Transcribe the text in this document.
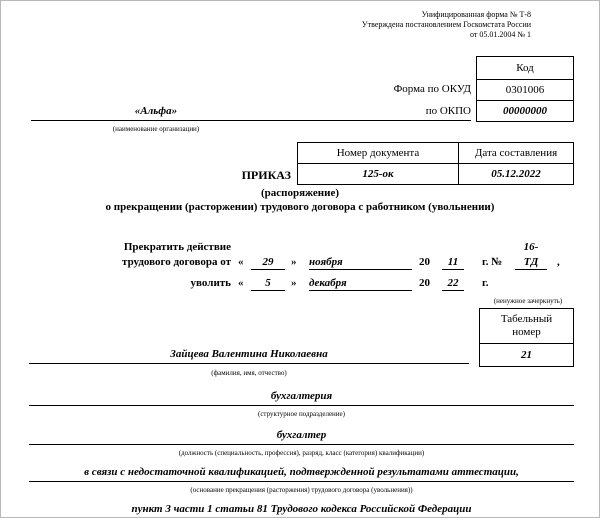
Унифицированная форма № Т-8
Утверждена постановлением Госкомстата России
от 05.01.2004 № 1
Код
Форма по ОКУД	0301006
по ОКПО	00000000
«Альфа»
(наименование организации)
Номер документа	Дата составления
ПРИКАЗ	125-ок	05.12.2022
(распоряжение)
о прекращении (расторжении) трудового договора с работником (увольнении)
Прекратить действие
трудового договора от «	29	» ноября	20	11	г. №
16-
ТД	,
уволить «	5	» декабря	20	22	г.
(ненужное зачеркнуть)
Табельный
номер
21
Зайцева Валентина Николаевна
(фамилия, имя, отчество)
бухгалтерия
(структурное подразделение)
бухгалтер
(должность (специальность, профессия), разряд, класс (категория) квалификации)
в связи с недостаточной квалификацией, подтвержденной результатами аттестации,
(основание прекращения (расторжения) трудового договора (увольнения))
пункт 3 части 1 статьи 81 Трудового кодекса Российской Федерации
